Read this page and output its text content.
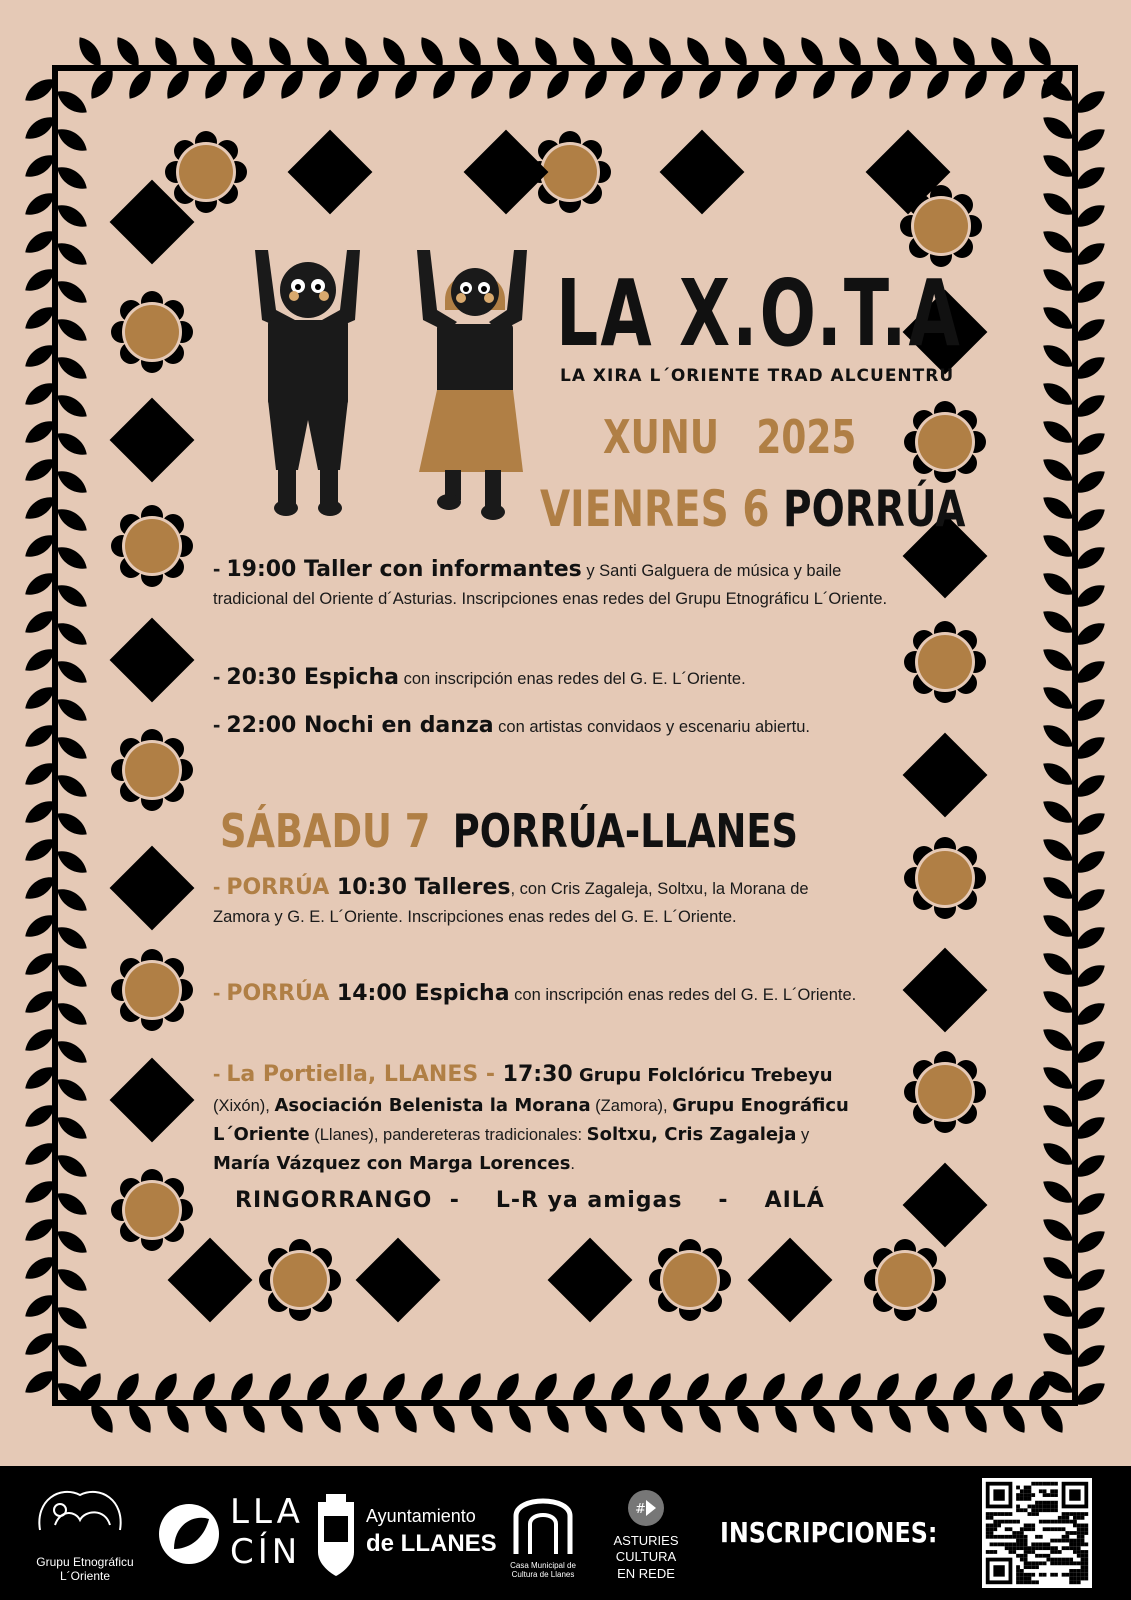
LA X.O.T.A
LA XIRA L´ORIENTE TRAD ALCUENTRU
XUNU   2025
VIENRES 6 PORRÚA
- 19:00 Taller con informantes y Santi Galguera de música y baile tradicional del Oriente d´Asturias. Inscripciones enas redes del Grupu Etnográficu L´Oriente.
- 20:30 Espicha con inscripción enas redes del G. E. L´Oriente.
- 22:00 Nochi en danza con artistas convidaos y escenariu abiertu.
SÁBADU 7 PORRÚA-LLANES
- PORRÚA 10:30 Talleres, con Cris Zagaleja, Soltxu, la Morana de Zamora y G. E. L´Oriente. Inscripciones enas redes del G. E. L´Oriente.
- PORRÚA 14:00 Espicha con inscripción enas redes del G. E. L´Oriente.
- La Portiella, LLANES - 17:30 Grupu Folclóricu Trebeyu (Xixón), Asociación Belenista la Morana (Zamora), Grupu Enográficu L´Oriente (Llanes), pandereteras tradicionales: Soltxu, Cris Zagaleja y María Vázquez con Marga Lorences.
RINGORRANGO  - L-R ya amigas - AILÁ
Grupu Etnográficu
L´Oriente
LLA
CÍN
Ayuntamiento
de LLANES
Casa Municipal de
Cultura de Llanes
#
ASTURIES
CULTURA
EN REDE
INSCRIPCIONES:
